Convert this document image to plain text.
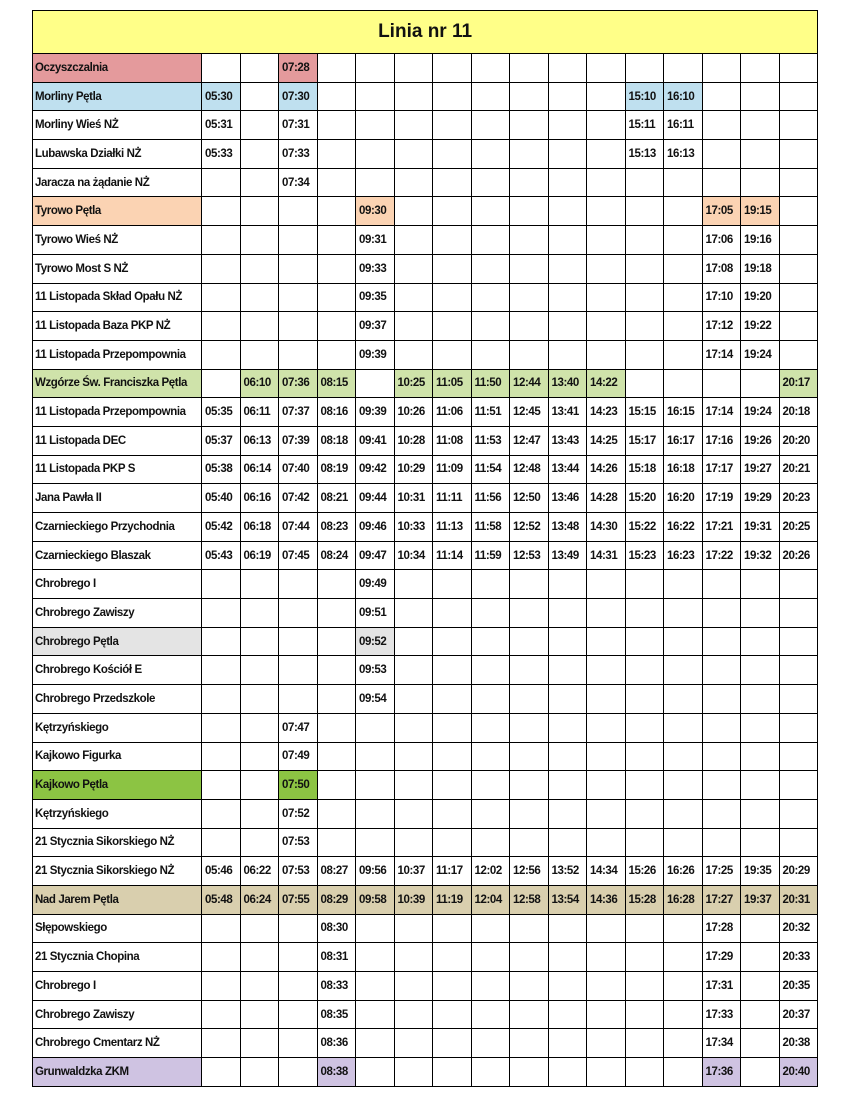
Linia nr 11																
Oczyszczalnia			07:28													
Morliny Pętla	05:30		07:30									15:10	16:10			
Morliny Wieś NŻ	05:31		07:31									15:11	16:11			
Lubawska Działki NŻ	05:33		07:33									15:13	16:13			
Jaracza na żądanie NŻ			07:34													
Tyrowo Pętla					09:30									17:05	19:15	
Tyrowo Wieś NŻ					09:31									17:06	19:16	
Tyrowo Most S NŻ					09:33									17:08	19:18	
11 Listopada Skład Opału NŻ					09:35									17:10	19:20	
11 Listopada Baza PKP NŻ					09:37									17:12	19:22	
11 Listopada Przepompownia					09:39									17:14	19:24	
Wzgórze Św. Franciszka Pętla		06:10	07:36	08:15		10:25	11:05	11:50	12:44	13:40	14:22					20:17
11 Listopada Przepompownia	05:35	06:11	07:37	08:16	09:39	10:26	11:06	11:51	12:45	13:41	14:23	15:15	16:15	17:14	19:24	20:18
11 Listopada DEC	05:37	06:13	07:39	08:18	09:41	10:28	11:08	11:53	12:47	13:43	14:25	15:17	16:17	17:16	19:26	20:20
11 Listopada PKP S	05:38	06:14	07:40	08:19	09:42	10:29	11:09	11:54	12:48	13:44	14:26	15:18	16:18	17:17	19:27	20:21
Jana Pawła II	05:40	06:16	07:42	08:21	09:44	10:31	11:11	11:56	12:50	13:46	14:28	15:20	16:20	17:19	19:29	20:23
Czarnieckiego Przychodnia	05:42	06:18	07:44	08:23	09:46	10:33	11:13	11:58	12:52	13:48	14:30	15:22	16:22	17:21	19:31	20:25
Czarnieckiego Blaszak	05:43	06:19	07:45	08:24	09:47	10:34	11:14	11:59	12:53	13:49	14:31	15:23	16:23	17:22	19:32	20:26
Chrobrego I					09:49											
Chrobrego Zawiszy					09:51											
Chrobrego Pętla					09:52											
Chrobrego Kościół E					09:53											
Chrobrego Przedszkole					09:54											
Kętrzyńskiego			07:47													
Kajkowo Figurka			07:49													
Kajkowo Pętla			07:50													
Kętrzyńskiego			07:52													
21 Stycznia Sikorskiego NŻ			07:53													
21 Stycznia Sikorskiego NŻ	05:46	06:22	07:53	08:27	09:56	10:37	11:17	12:02	12:56	13:52	14:34	15:26	16:26	17:25	19:35	20:29
Nad Jarem Pętla	05:48	06:24	07:55	08:29	09:58	10:39	11:19	12:04	12:58	13:54	14:36	15:28	16:28	17:27	19:37	20:31
Słępowskiego				08:30										17:28		20:32
21 Stycznia Chopina				08:31										17:29		20:33
Chrobrego I				08:33										17:31		20:35
Chrobrego Zawiszy				08:35										17:33		20:37
Chrobrego Cmentarz NŻ				08:36										17:34		20:38
Grunwaldzka ZKM				08:38										17:36		20:40
